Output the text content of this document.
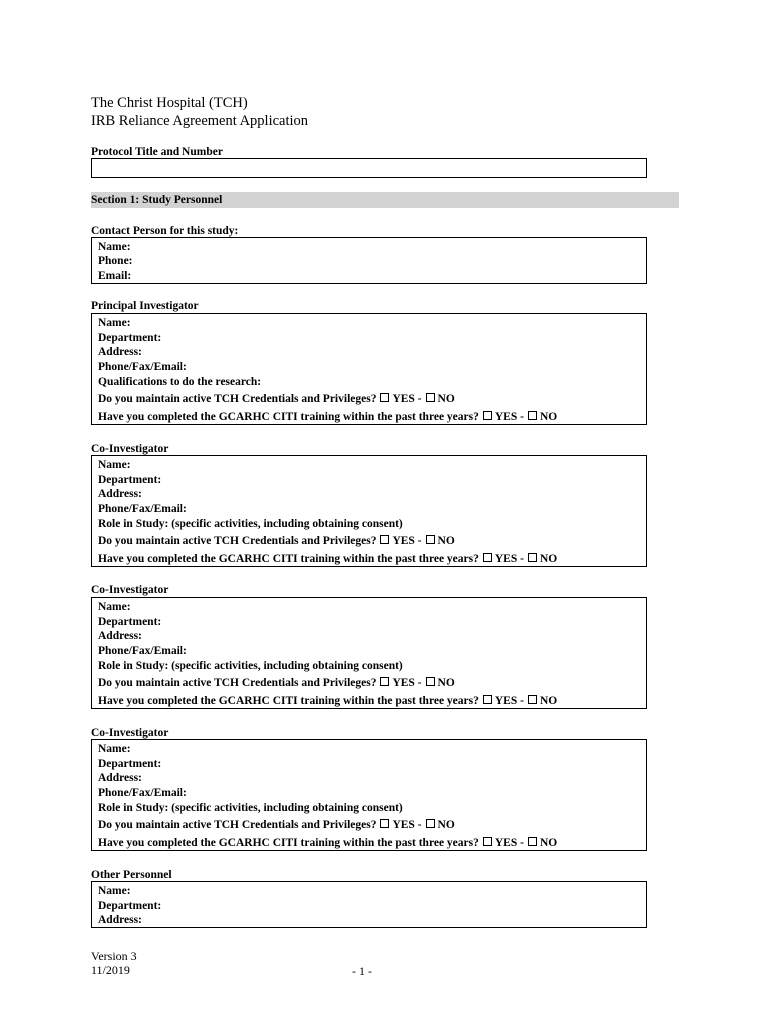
The Christ Hospital (TCH)
IRB Reliance Agreement Application
Protocol Title and Number
Section 1: Study Personnel
Contact Person for this study:
Name:
Phone:
Email:
Principal Investigator
Name:
Department:
Address:
Phone/Fax/Email:
Qualifications to do the research:
Do you maintain active TCH Credentials and Privileges? YES - NO
Have you completed the GCARHC CITI training within the past three years? YES - NO
Co-Investigator
Name:
Department:
Address:
Phone/Fax/Email:
Role in Study: (specific activities, including obtaining consent)
Do you maintain active TCH Credentials and Privileges? YES - NO
Have you completed the GCARHC CITI training within the past three years? YES - NO
Co-Investigator
Name:
Department:
Address:
Phone/Fax/Email:
Role in Study: (specific activities, including obtaining consent)
Do you maintain active TCH Credentials and Privileges? YES - NO
Have you completed the GCARHC CITI training within the past three years? YES - NO
Co-Investigator
Name:
Department:
Address:
Phone/Fax/Email:
Role in Study: (specific activities, including obtaining consent)
Do you maintain active TCH Credentials and Privileges? YES - NO
Have you completed the GCARHC CITI training within the past three years? YES - NO
Other Personnel
Name:
Department:
Address:
Version 3
11/2019	- 1 -
